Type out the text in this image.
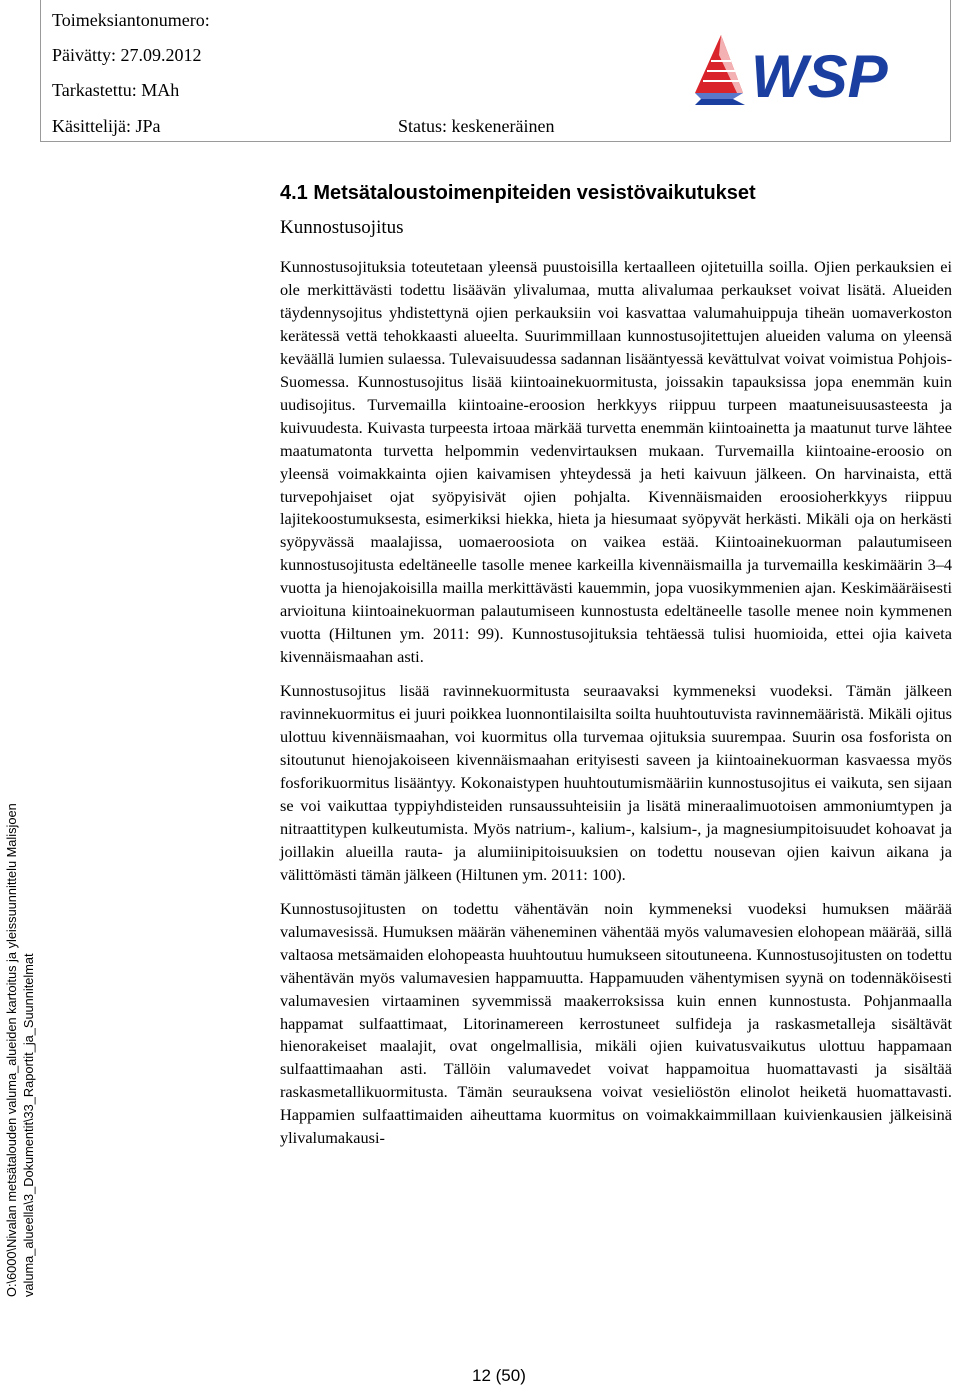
Toimeksiantonumero:
Päivätty: 27.09.2012
Tarkastettu: MAh
Käsittelijä: JPa	Status: keskeneräinen
WSP
O:\6000\Nivalan metsätalouden valuma_alueiden kartoitus ja yleissuunnittelu Malisjoen valuma_alueella\3_Dokumentit\33_Raportit_ja_Suunnitelmat
4.1 Metsätaloustoimenpiteiden vesistövaikutukset
Kunnostusojitus

Kunnostusojituksia toteutetaan yleensä puustoisilla kertaalleen ojitetuilla soilla. Ojien perkauksien ei ole merkittävästi todettu lisäävän ylivalumaa, mutta alivalumaa perkaukset voivat lisätä. Alueiden täydennysojitus yhdistettynä ojien perkauksiin voi kasvattaa valumahuippuja tiheän uomaverkoston kerätessä vettä tehokkaasti alueelta. Suurimmillaan kunnostusojitettujen alueiden valuma on yleensä keväällä lumien sulaessa. Tulevaisuudessa sadannan lisääntyessä kevättulvat voivat voimistua Pohjois-Suomessa. Kunnostusojitus lisää kiintoainekuormitusta, joissakin tapauksissa jopa enemmän kuin uudisojitus. Turvemailla kiintoaine-eroosion herkkyys riippuu turpeen maatuneisuusasteesta ja kuivuudesta. Kuivasta turpeesta irtoaa märkää turvetta enemmän kiintoainetta ja maatunut turve lähtee maatumatonta turvetta helpommin vedenvirtauksen mukaan. Turvemailla kiintoaine-eroosio on yleensä voimakkainta ojien kaivamisen yhteydessä ja heti kaivuun jälkeen. On harvinaista, että turvepohjaiset ojat syöpyisivät ojien pohjalta. Kivennäismaiden eroosioherkkyys riippuu lajitekoostumuksesta, esimerkiksi hiekka, hieta ja hiesumaat syöpyvät herkästi. Mikäli oja on herkästi syöpyvässä maalajissa, uomaeroosiota on vaikea estää. Kiintoainekuorman palautumiseen kunnostusojitusta edeltäneelle tasolle menee karkeilla kivennäismailla ja turvemailla keskimäärin 3–4 vuotta ja hienojakoisilla mailla merkittävästi kauemmin, jopa vuosikymmenien ajan. Keskimääräisesti arvioituna kiintoainekuorman palautumiseen kunnostusta edeltäneelle tasolle menee noin kymmenen vuotta (Hiltunen ym. 2011: 99). Kunnostusojituksia tehtäessä tulisi huomioida, ettei ojia kaiveta kivennäismaahan asti.

Kunnostusojitus lisää ravinnekuormitusta seuraavaksi kymmeneksi vuodeksi. Tämän jälkeen ravinnekuormitus ei juuri poikkea luonnontilaisilta soilta huuhtoutuvista ravinnemääristä. Mikäli ojitus ulottuu kivennäismaahan, voi kuormitus olla turvemaa ojituksia suurempaa. Suurin osa fosforista on sitoutunut hienojakoiseen kivennäismaahan erityisesti saveen ja kiintoainekuorman kasvaessa myös fosforikuormitus lisääntyy. Kokonaistypen huuhtoutumismääriin kunnostusojitus ei vaikuta, sen sijaan se voi vaikuttaa typpiyhdisteiden runsaussuhteisiin ja lisätä mineraalimuotoisen ammoniumtypen ja nitraattitypen kulkeutumista. Myös natrium-, kalium-, kalsium-, ja magnesiumpitoisuudet kohoavat ja joillakin alueilla rauta- ja alumiinipitoisuuksien on todettu nousevan ojien kaivun aikana ja välittömästi tämän jälkeen (Hiltunen ym. 2011: 100).

Kunnostusojitusten on todettu vähentävän noin kymmeneksi vuodeksi humuksen määrää valumavesissä. Humuksen määrän väheneminen vähentää myös valumavesien elohopean määrää, sillä valtaosa metsämaiden elohopeasta huuhtoutuu humukseen sitoutuneena. Kunnostusojitusten on todettu vähentävän myös valumavesien happamuutta. Happamuuden vähentymisen syynä on todennäköisesti valumavesien virtaaminen syvemmissä maakerroksissa kuin ennen kunnostusta. Pohjanmaalla happamat sulfaattimaat, Litorinamereen kerrostuneet sulfideja ja raskasmetalleja sisältävät hienorakeiset maalajit, ovat ongelmallisia, mikäli ojien kuivatusvaikutus ulottuu happamaan sulfaattimaahan asti. Tällöin valumavedet voivat happamoitua huomattavasti ja sisältää raskasmetallikuormitusta. Tämän seurauksena voivat vesieliöstön elinolot heiketä huomattavasti. Happamien sulfaattimaiden aiheuttama kuormitus on voimakkaimmillaan kuivienkausien jälkeisinä ylivalumakausi-

12 (50)
